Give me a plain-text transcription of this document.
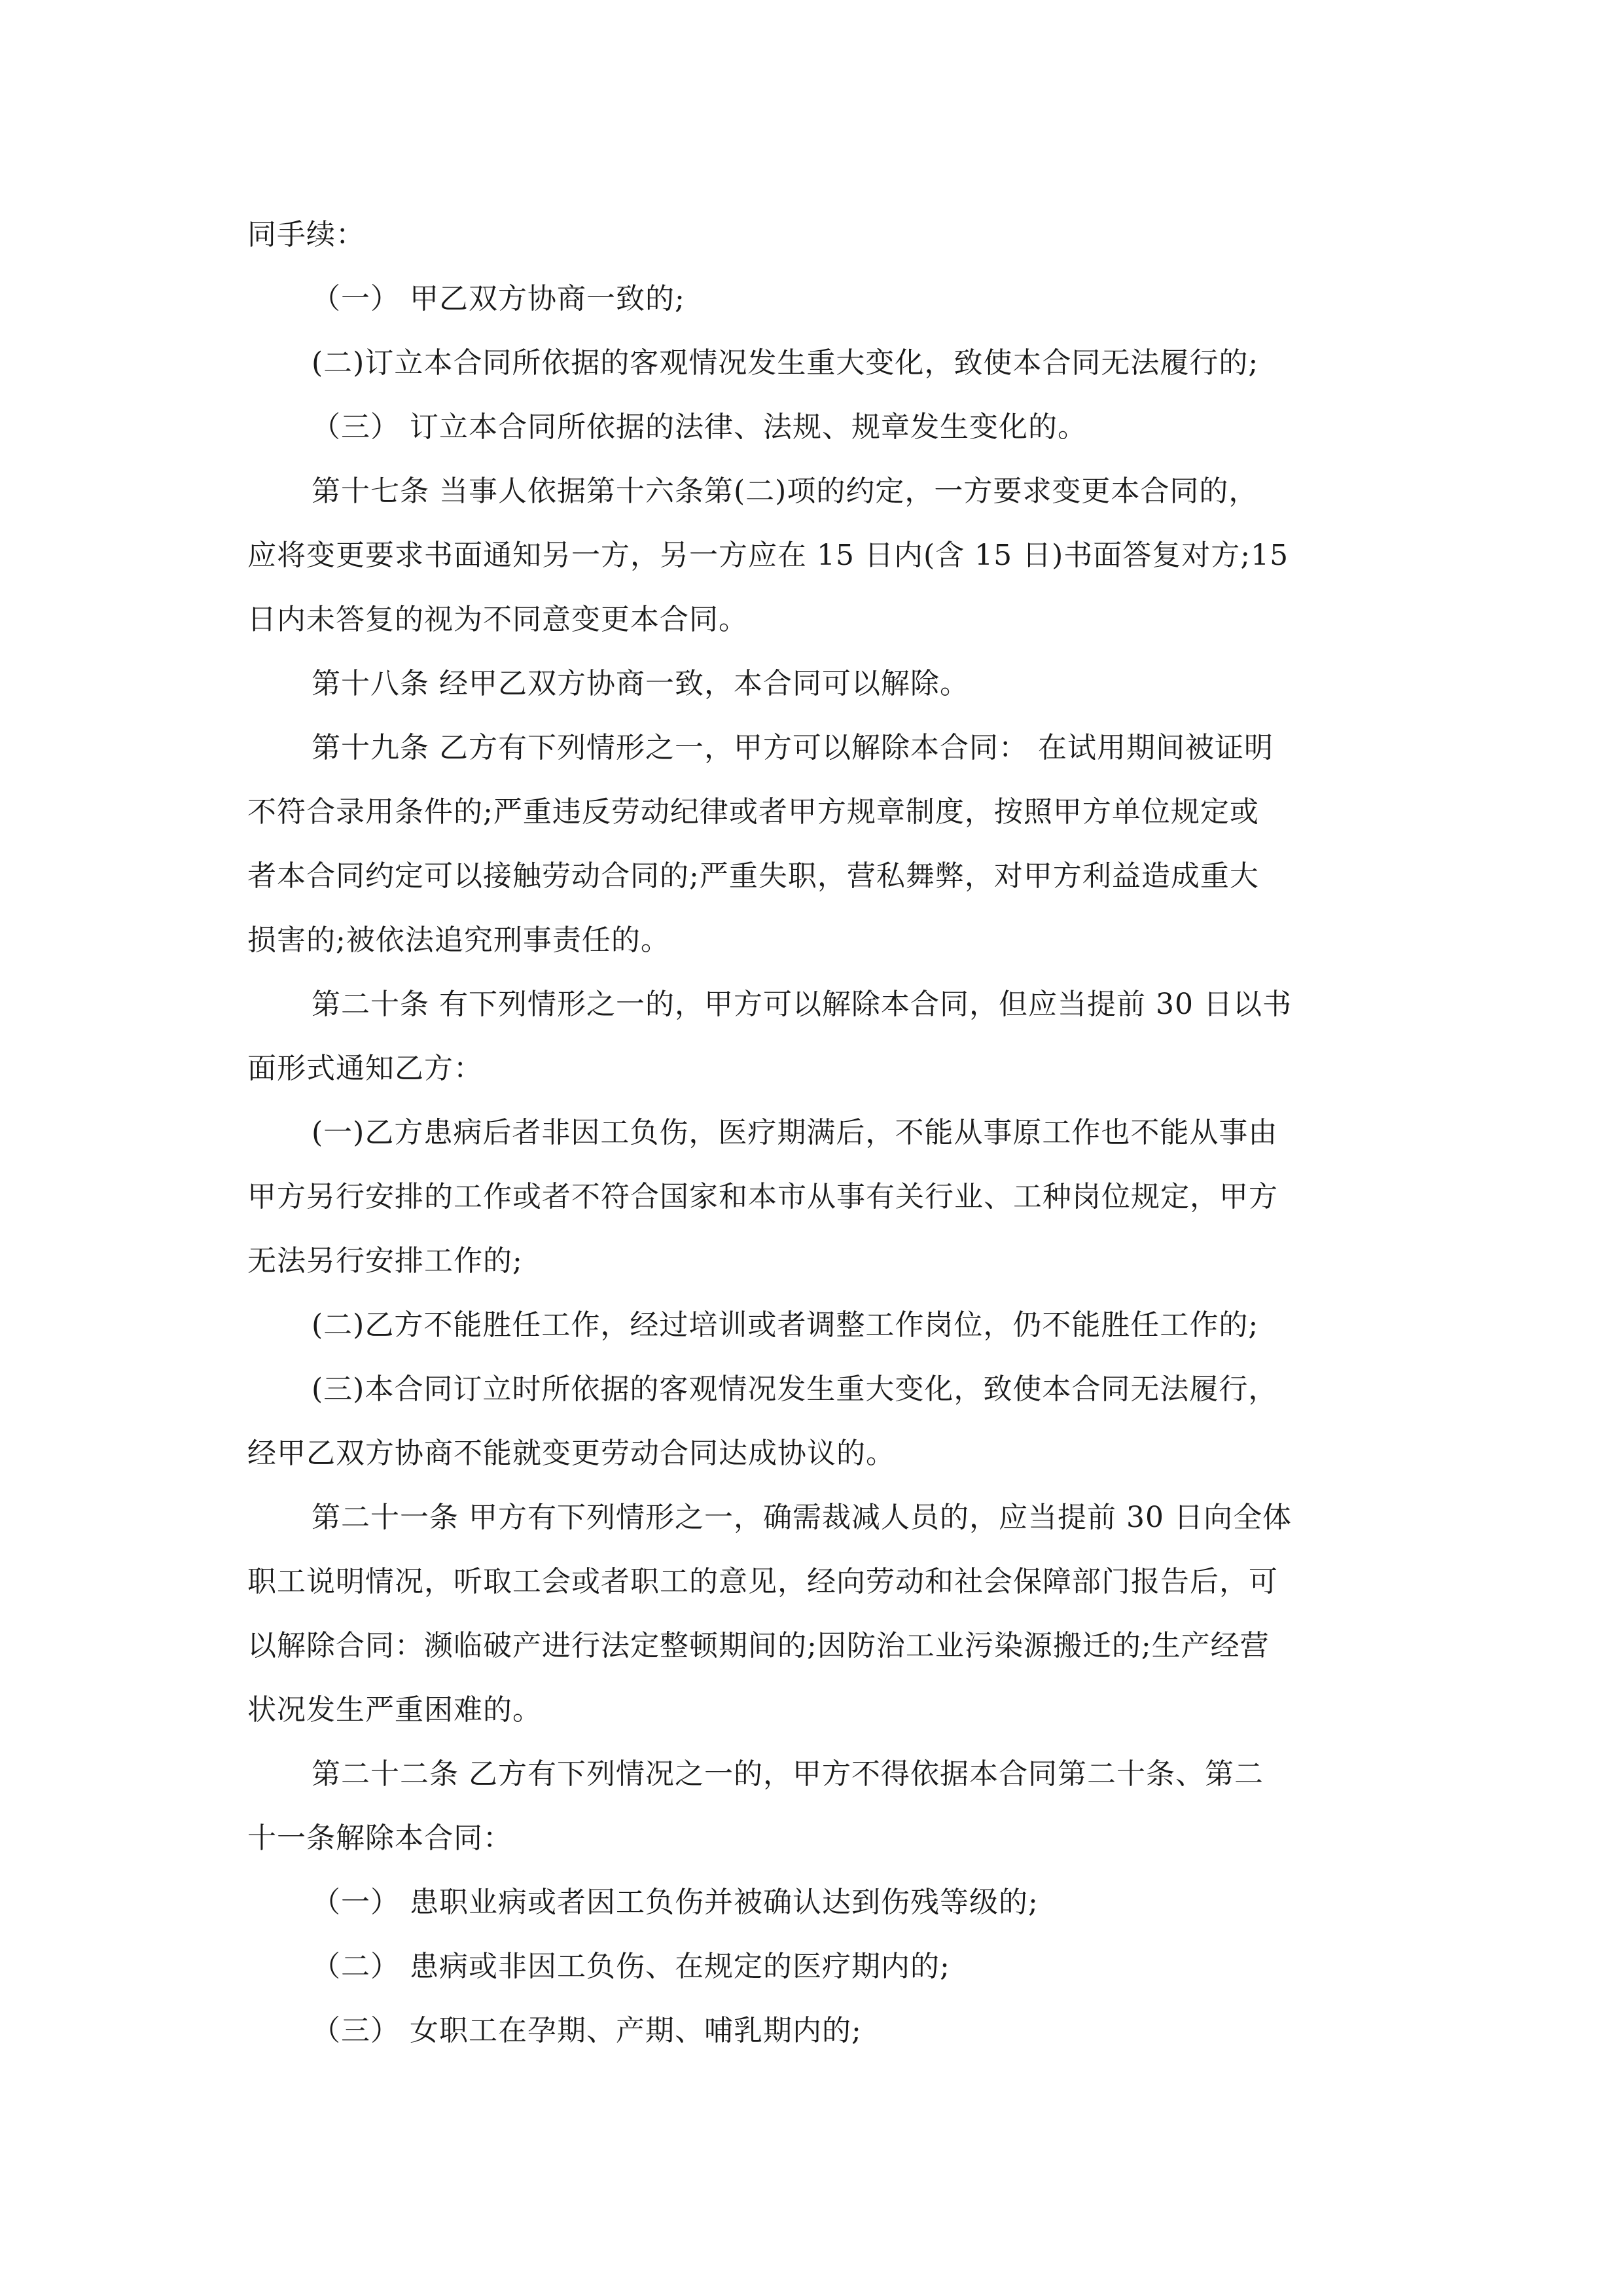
同手续：
（一） 甲乙双方协商一致的;
(二)订立本合同所依据的客观情况发生重大变化，致使本合同无法履行的;
（三） 订立本合同所依据的法律、法规、规章发生变化的。
第十七条 当事人依据第十六条第(二)项的约定，一方要求变更本合同的，
应将变更要求书面通知另一方，另一方应在 15 日内(含 15 日)书面答复对方;15
日内未答复的视为不同意变更本合同。
第十八条 经甲乙双方协商一致，本合同可以解除。
第十九条 乙方有下列情形之一，甲方可以解除本合同： 在试用期间被证明
不符合录用条件的;严重违反劳动纪律或者甲方规章制度，按照甲方单位规定或
者本合同约定可以接触劳动合同的;严重失职，营私舞弊，对甲方利益造成重大
损害的;被依法追究刑事责任的。
第二十条 有下列情形之一的，甲方可以解除本合同，但应当提前 30 日以书
面形式通知乙方：
(一)乙方患病后者非因工负伤，医疗期满后，不能从事原工作也不能从事由
甲方另行安排的工作或者不符合国家和本市从事有关行业、工种岗位规定，甲方
无法另行安排工作的;
(二)乙方不能胜任工作，经过培训或者调整工作岗位，仍不能胜任工作的;
(三)本合同订立时所依据的客观情况发生重大变化，致使本合同无法履行，
经甲乙双方协商不能就变更劳动合同达成协议的。
第二十一条 甲方有下列情形之一，确需裁减人员的，应当提前 30 日向全体
职工说明情况，听取工会或者职工的意见，经向劳动和社会保障部门报告后，可
以解除合同：濒临破产进行法定整顿期间的;因防治工业污染源搬迁的;生产经营
状况发生严重困难的。
第二十二条 乙方有下列情况之一的，甲方不得依据本合同第二十条、第二
十一条解除本合同：
（一） 患职业病或者因工负伤并被确认达到伤残等级的;
（二） 患病或非因工负伤、在规定的医疗期内的;
（三） 女职工在孕期、产期、哺乳期内的;
